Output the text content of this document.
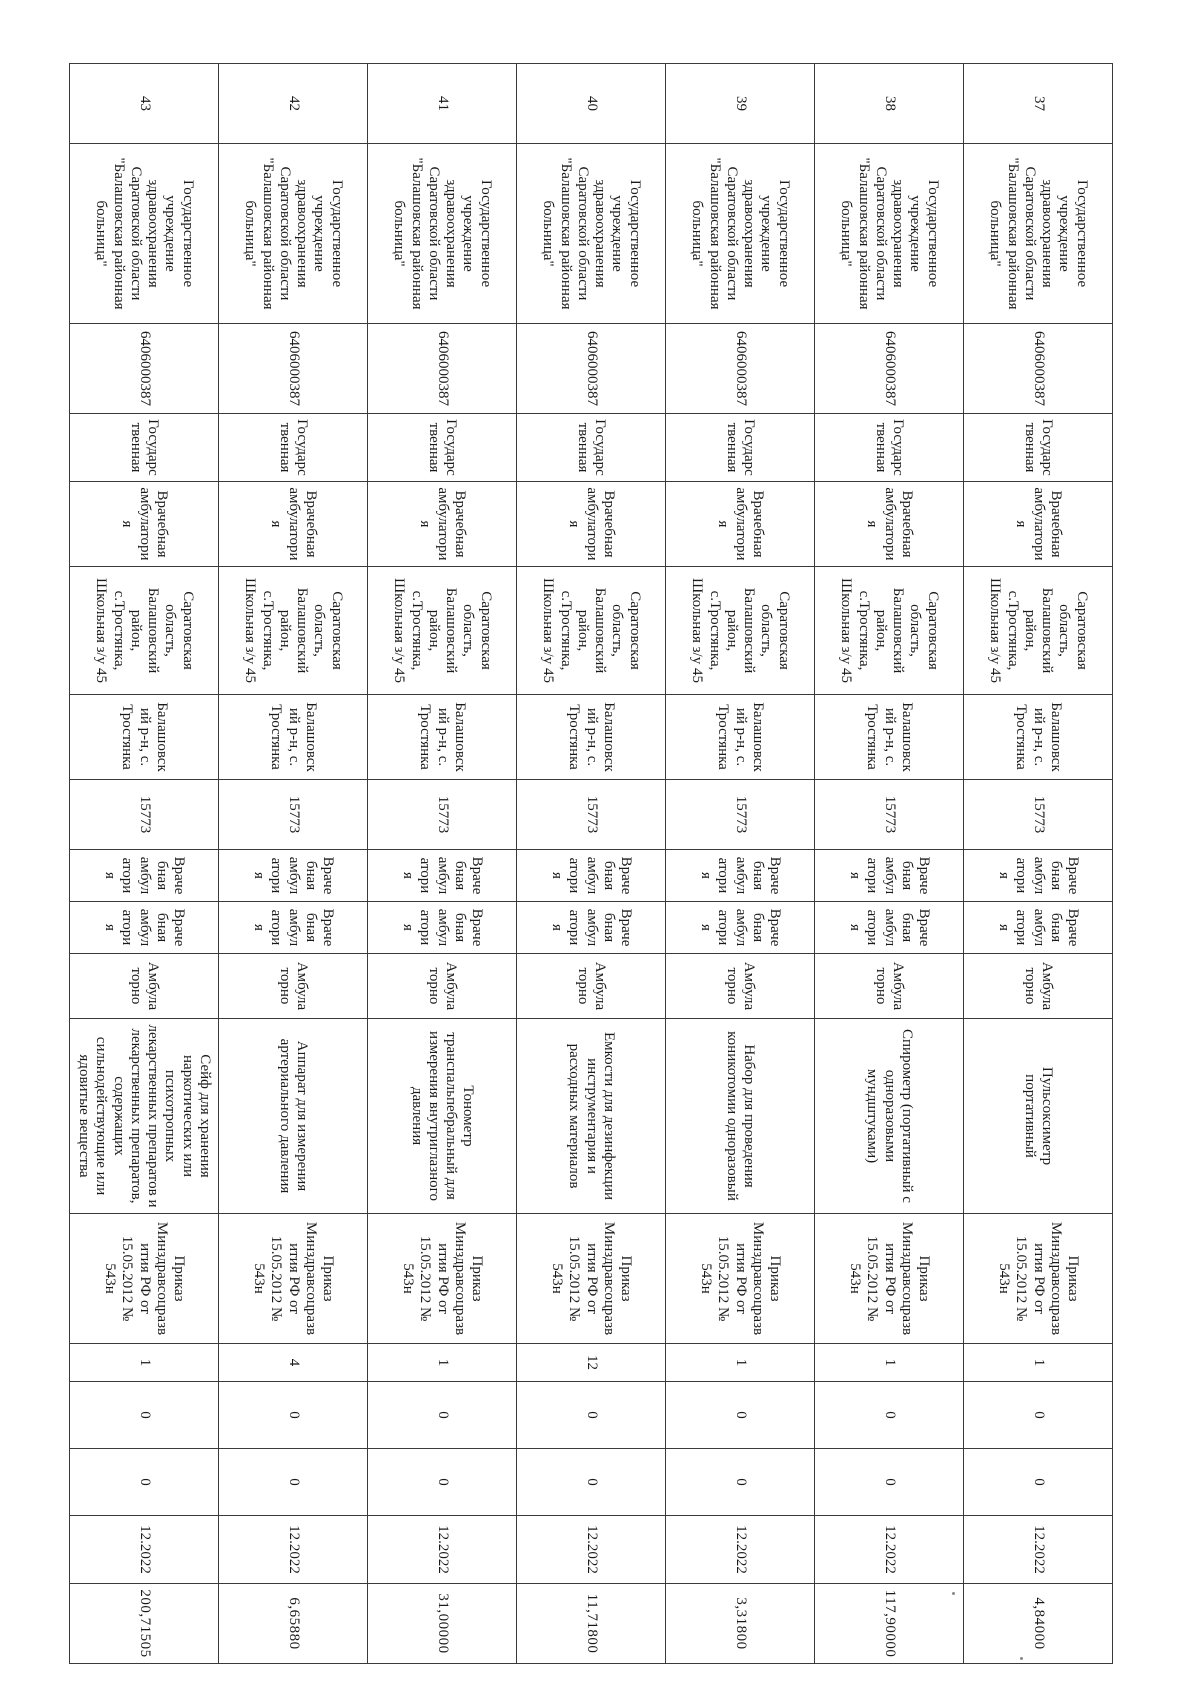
37	Государственное учреждение здравоохранения Саратовской области "Балашовская районная больница"	6406000387	Государственная	Врачебная амбулатория	Саратовская область, Балашовский район, с.Тростянка, Школьная з/у 45	Балашовский р-н, с. Тростянка	15773	Врачебная амбулатория	Врачебная амбулатория	Амбулаторно	Пульсоксиметр портативный	Приказ Минздравсоцразвития РФ от 15.05.2012 № 543н	1	0	0	12.2022	4,84000
38	Государственное учреждение здравоохранения Саратовской области "Балашовская районная больница"	6406000387	Государственная	Врачебная амбулатория	Саратовская область, Балашовский район, с.Тростянка, Школьная з/у 45	Балашовский р-н, с. Тростянка	15773	Врачебная амбулатория	Врачебная амбулатория	Амбулаторно	Спирометр (портативный с одноразовыми мундштуками)	Приказ Минздравсоцразвития РФ от 15.05.2012 № 543н	1	0	0	12.2022	117,90000
39	Государственное учреждение здравоохранения Саратовской области "Балашовская районная больница"	6406000387	Государственная	Врачебная амбулатория	Саратовская область, Балашовский район, с.Тростянка, Школьная з/у 45	Балашовский р-н, с. Тростянка	15773	Врачебная амбулатория	Врачебная амбулатория	Амбулаторно	Набор для проведения коникотомии одноразовый	Приказ Минздравсоцразвития РФ от 15.05.2012 № 543н	1	0	0	12.2022	3,31800
40	Государственное учреждение здравоохранения Саратовской области "Балашовская районная больница"	6406000387	Государственная	Врачебная амбулатория	Саратовская область, Балашовский район, с.Тростянка, Школьная з/у 45	Балашовский р-н, с. Тростянка	15773	Врачебная амбулатория	Врачебная амбулатория	Амбулаторно	Емкости для дезинфекции инструментария и расходных материалов	Приказ Минздравсоцразвития РФ от 15.05.2012 № 543н	12	0	0	12.2022	11,71800
41	Государственное учреждение здравоохранения Саратовской области "Балашовская районная больница"	6406000387	Государственная	Врачебная амбулатория	Саратовская область, Балашовский район, с.Тростянка, Школьная з/у 45	Балашовский р-н, с. Тростянка	15773	Врачебная амбулатория	Врачебная амбулатория	Амбулаторно	Тонометр транспальпебральный для измерения внутриглазного давления	Приказ Минздравсоцразвития РФ от 15.05.2012 № 543н	1	0	0	12.2022	31,00000
42	Государственное учреждение здравоохранения Саратовской области "Балашовская районная больница"	6406000387	Государственная	Врачебная амбулатория	Саратовская область, Балашовский район, с.Тростянка, Школьная з/у 45	Балашовский р-н, с. Тростянка	15773	Врачебная амбулатория	Врачебная амбулатория	Амбулаторно	Аппарат для измерения артериального давления	Приказ Минздравсоцразвития РФ от 15.05.2012 № 543н	4	0	0	12.2022	6,65880
43	Государственное учреждение здравоохранения Саратовской области "Балашовская районная больница"	6406000387	Государственная	Врачебная амбулатория	Саратовская область, Балашовский район, с.Тростянка, Школьная з/у 45	Балашовский р-н, с. Тростянка	15773	Врачебная амбулатория	Врачебная амбулатория	Амбулаторно	Сейф для хранения наркотических или психотропных лекарственных препаратов и лекарственных препаратов, содержащих сильнодействующие или ядовитые вещества	Приказ Минздравсоцразвития РФ от 15.05.2012 № 543н	1	0	0	12.2022	200,71505
